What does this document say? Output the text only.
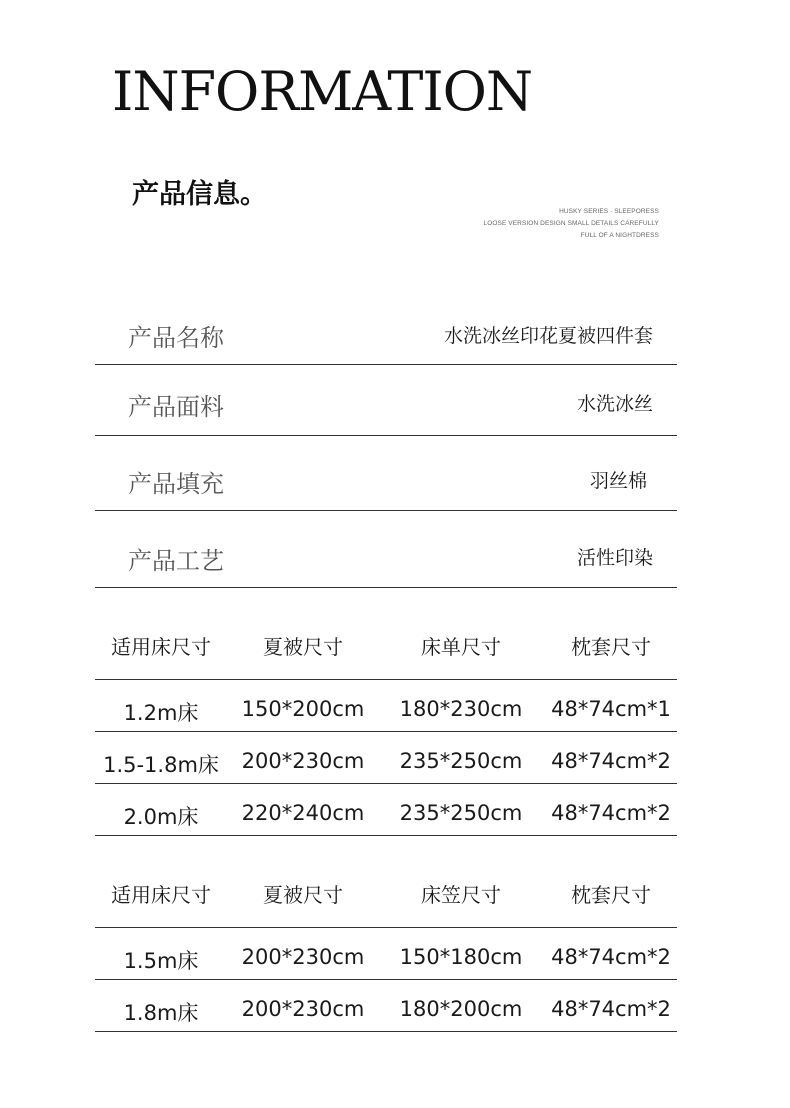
INFORMATION
产品信息。
HUSKY SERIES · SLEEPORESS
LOOSE VERSION DESIGN SMALL DETAILS CAREFULLY
FULL OF A NIGHTDRESS
产品名称	水洗冰丝印花夏被四件套
产品面料	水洗冰丝
产品填充	羽丝棉
产品工艺	活性印染
适用床尺寸	夏被尺寸	床单尺寸	枕套尺寸
1.2m床	150*200cm	180*230cm	48*74cm*1
1.5-1.8m床	200*230cm	235*250cm	48*74cm*2
2.0m床	220*240cm	235*250cm	48*74cm*2
适用床尺寸	夏被尺寸	床笠尺寸	枕套尺寸
1.5m床	200*230cm	150*180cm	48*74cm*2
1.8m床	200*230cm	180*200cm	48*74cm*2
